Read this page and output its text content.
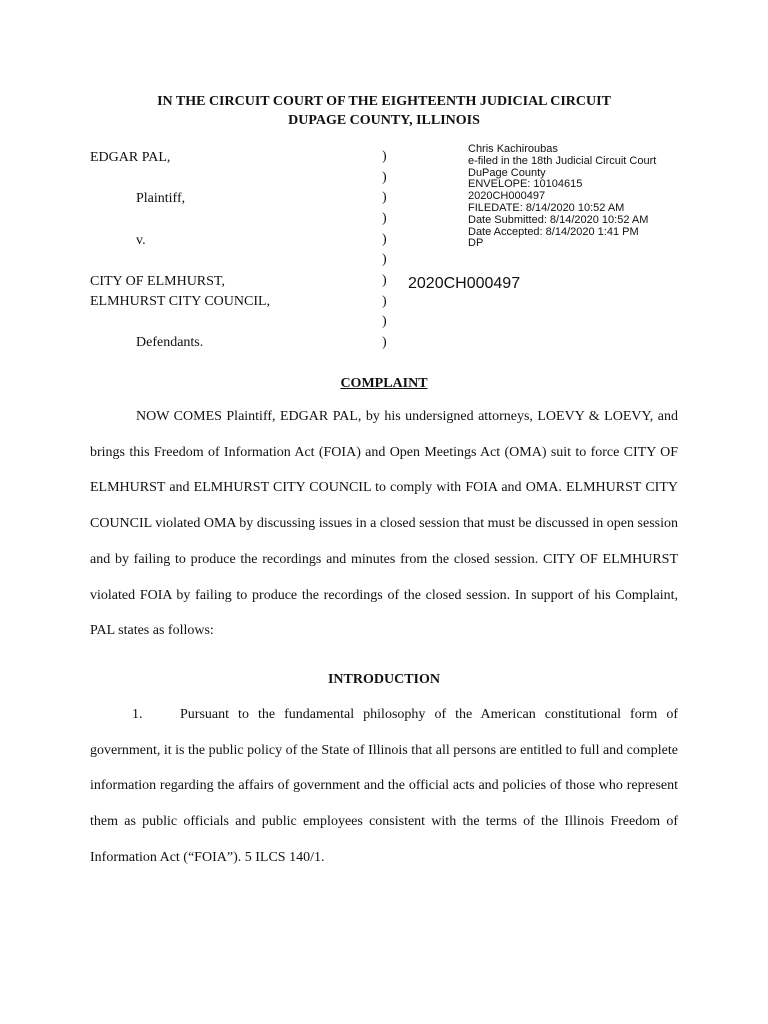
IN THE CIRCUIT COURT OF THE EIGHTEENTH JUDICIAL CIRCUIT
DUPAGE COUNTY, ILLINOIS
EDGAR PAL,
Plaintiff,
v.
CITY OF ELMHURST,
ELMHURST CITY COUNCIL,
Defendants.
)
)
)
)
)
)
)
)
)
)
Chris Kachiroubas
e-filed in the 18th Judicial Circuit Court
DuPage County
ENVELOPE: 10104615
2020CH000497
FILEDATE: 8/14/2020 10:52 AM
Date Submitted: 8/14/2020 10:52 AM
Date Accepted: 8/14/2020 1:41 PM
DP
2020CH000497
COMPLAINT

NOW COMES Plaintiff, EDGAR PAL, by his undersigned attorneys, LOEVY & LOEVY, and brings this Freedom of Information Act (FOIA) and Open Meetings Act (OMA) suit to force CITY OF ELMHURST and ELMHURST CITY COUNCIL to comply with FOIA and OMA. ELMHURST CITY COUNCIL violated OMA by discussing issues in a closed session that must be discussed in open session and by failing to produce the recordings and minutes from the closed session. CITY OF ELMHURST violated FOIA by failing to produce the recordings of the closed session. In support of his Complaint, PAL states as follows:

INTRODUCTION

1.	Pursuant to the fundamental philosophy of the American constitutional form of government, it is the public policy of the State of Illinois that all persons are entitled to full and complete information regarding the affairs of government and the official acts and policies of those who represent them as public officials and public employees consistent with the terms of the Illinois Freedom of Information Act (“FOIA”). 5 ILCS 140/1.
